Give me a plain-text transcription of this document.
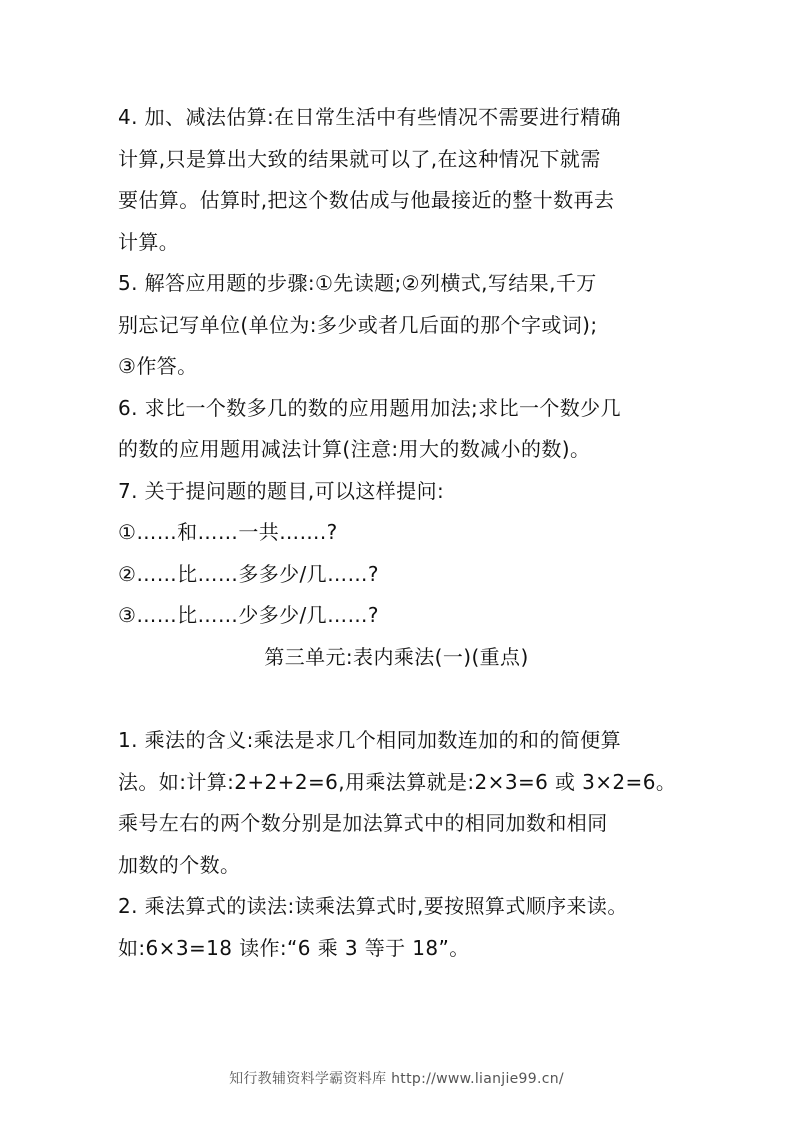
4. 加、减法估算:在日常生活中有些情况不需要进行精确
计算,只是算出大致的结果就可以了,在这种情况下就需
要估算。估算时,把这个数估成与他最接近的整十数再去
计算。
5. 解答应用题的步骤:①先读题;②列横式,写结果,千万
别忘记写单位(单位为:多少或者几后面的那个字或词);
③作答。
6. 求比一个数多几的数的应用题用加法;求比一个数少几
的数的应用题用减法计算(注意:用大的数减小的数)。
7. 关于提问题的题目,可以这样提问:
①……和……一共…….?
②……比……多多少/几……?
③……比……少多少/几……?
第三单元:表内乘法(一)(重点)
1. 乘法的含义:乘法是求几个相同加数连加的和的简便算
法。如:计算:2+2+2=6,用乘法算就是:2×3=6 或 3×2=6。
乘号左右的两个数分别是加法算式中的相同加数和相同
加数的个数。
2. 乘法算式的读法:读乘法算式时,要按照算式顺序来读。
如:6×3=18 读作:“6 乘 3 等于 18”。
知行教辅资料学霸资料库 http://www.lianjie99.cn/
